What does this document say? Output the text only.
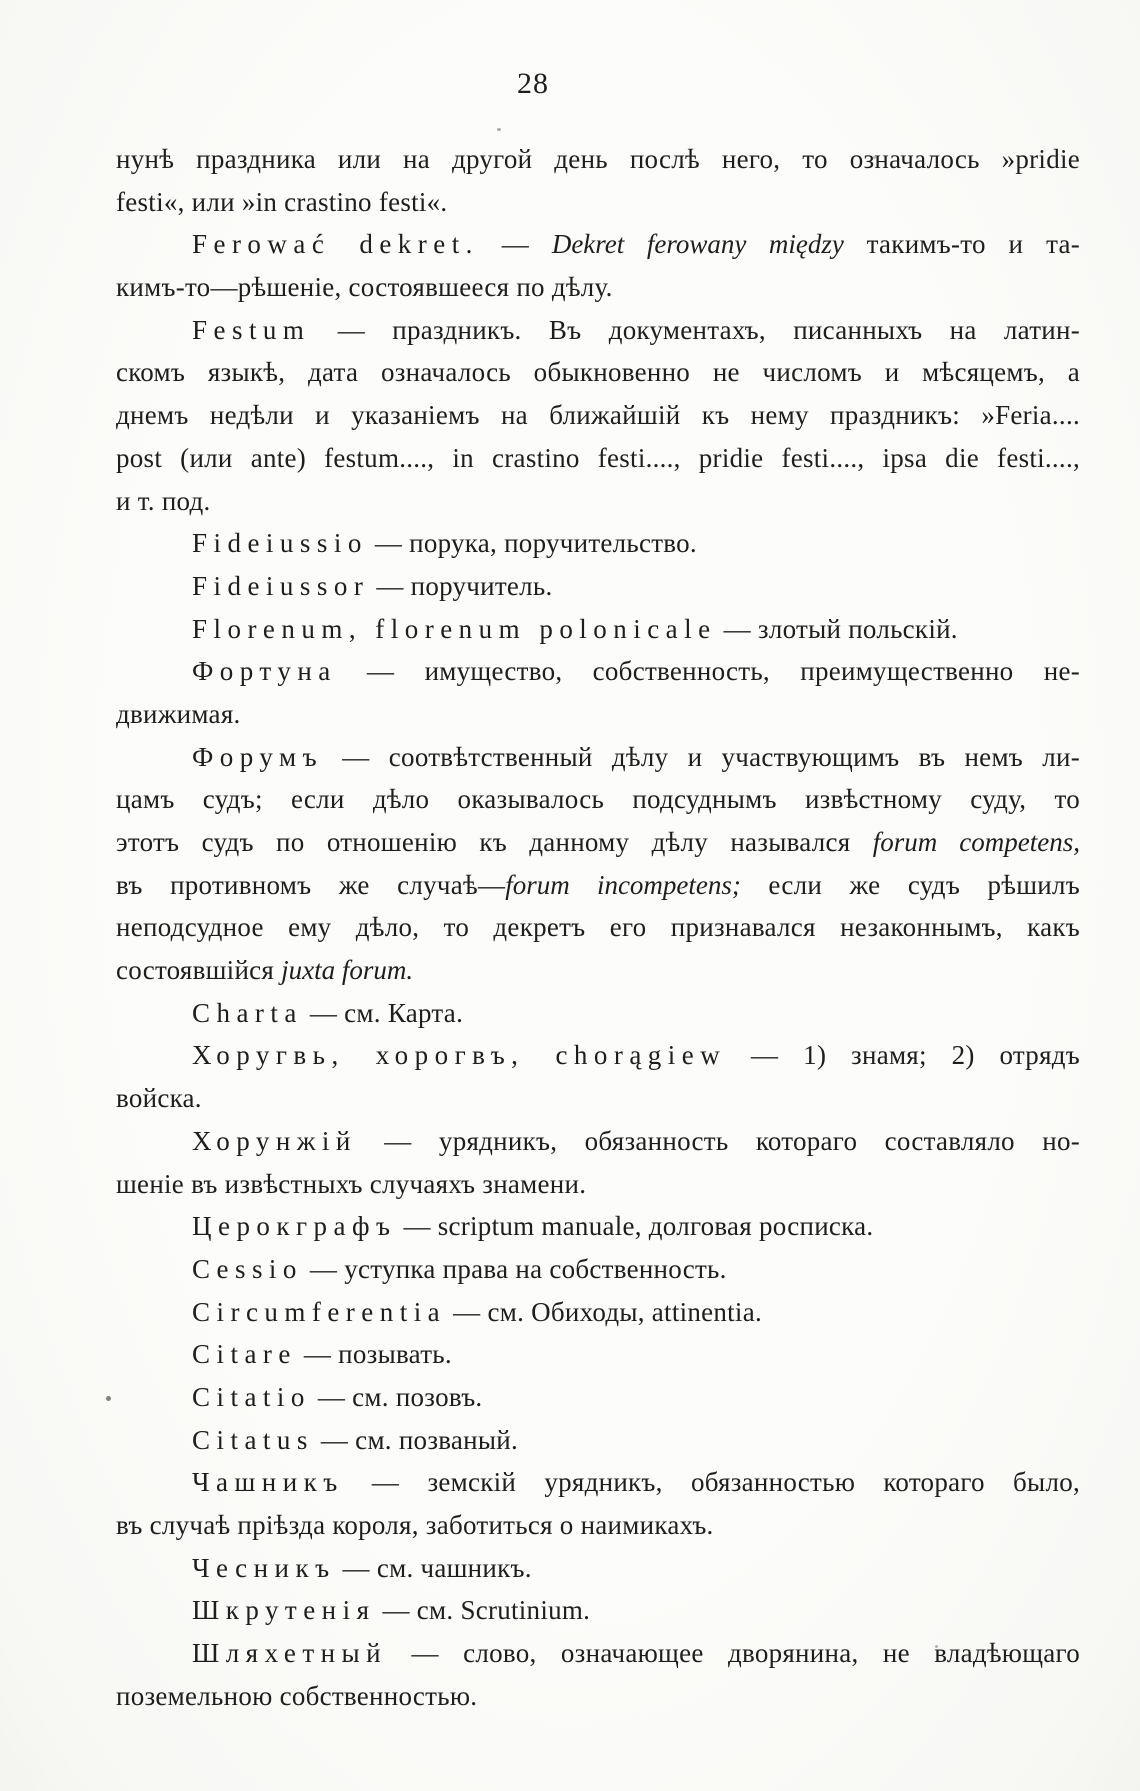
28
нунѣ праздника или на другой день послѣ него, то означалось »pridie
festi«, или »in crastino festi«.
Ferować dekret. — Dekret ferowany między такимъ-то и та-
кимъ-то—рѣшеніе, состоявшееся по дѣлу.
Festum — праздникъ. Въ документахъ, писанныхъ на латин-
скомъ языкѣ, дата означалось обыкновенно не числомъ и мѣсяцемъ, а
днемъ недѣли и указаніемъ на ближайшій къ нему праздникъ: »Feria....
post (или ante) festum...., in crastino festi...., pridie festi...., ipsa die festi....,
и т. под.
Fideiussio — порука, поручительство.
Fideiussor — поручитель.
Florenum, florenum polonicale — злотый польскій.
Фортуна — имущество, собственность, преимущественно не-
движимая.
Форумъ — соотвѣтственный дѣлу и участвующимъ въ немъ ли-
цамъ судъ; если дѣло оказывалось подсуднымъ извѣстному суду, то
этотъ судъ по отношенію къ данному дѣлу назывался forum competens,
въ противномъ же случаѣ—forum incompetens; если же судъ рѣшилъ
неподсудное ему дѣло, то декретъ его признавался незаконнымъ, какъ
состоявшійся juxta forum.
Charta — см. Карта.
Хоругвь, хорогвъ, chorągiew — 1) знамя; 2) отрядъ
войска.
Хорунжій — урядникъ, обязанность котораго составляло но-
шеніе въ извѣстныхъ случаяхъ знамени.
Церокграфъ — scriptum manuale, долговая росписка.
Cessio — уступка права на собственность.
Circumferentia — см. Обиходы, attinentia.
Citare — позывать.
Citatio — см. позовъ.
Citatus — см. позваный.
Чашникъ — земскій урядникъ, обязанностью котораго было,
въ случаѣ пріѣзда короля, заботиться о наимикахъ.
Чесникъ — см. чашникъ.
Шкрутенія — см. Scrutinium.
Шляхетный — слово, означающее дворянина, не владѣющаго
поземельною собственностью.
